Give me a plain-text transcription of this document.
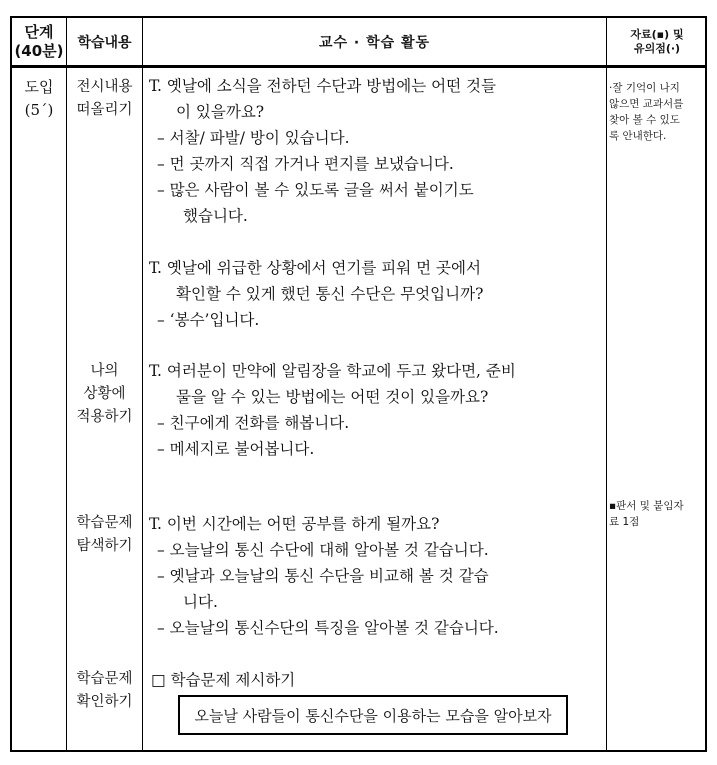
단계
(40분) 학습내용	교수 · 학습 활동
자료(▪) 및
유의점(·)
도입
(5´)
전시내용
떠올리기
T. 옛날에 소식을 전하던 수단과 방법에는 어떤 것들
이 있을까요?
– 서찰/ 파발/ 방이 있습니다.
– 먼 곳까지 직접 가거나 편지를 보냈습니다.
– 많은 사람이 볼 수 있도록 글을 써서 붙이기도
했습니다.
T. 옛날에 위급한 상황에서 연기를 피워 먼 곳에서
확인할 수 있게 했던 통신 수단은 무엇입니까?
– ‘봉수’입니다.
나의
상황에
적용하기
T. 여러분이 만약에 알림장을 학교에 두고 왔다면, 준비
물을 알 수 있는 방법에는 어떤 것이 있을까요?
– 친구에게 전화를 해봅니다.
– 메세지로 불어봅니다.
학습문제
탐색하기
T. 이번 시간에는 어떤 공부를 하게 될까요?
– 오늘날의 통신 수단에 대해 알아볼 것 같습니다.
– 옛날과 오늘날의 통신 수단을 비교해 볼 것 같습
니다.
– 오늘날의 통신수단의 특징을 알아볼 것 같습니다.
학습문제
확인하기
□ 학습문제 제시하기
오늘날 사람들이 통신수단을 이용하는 모습을 알아보자
·잘 기억이 나지
않으면 교과서를
찾아 볼 수 있도
록 안내한다.
▪판서 및 붙임자
료 1점
